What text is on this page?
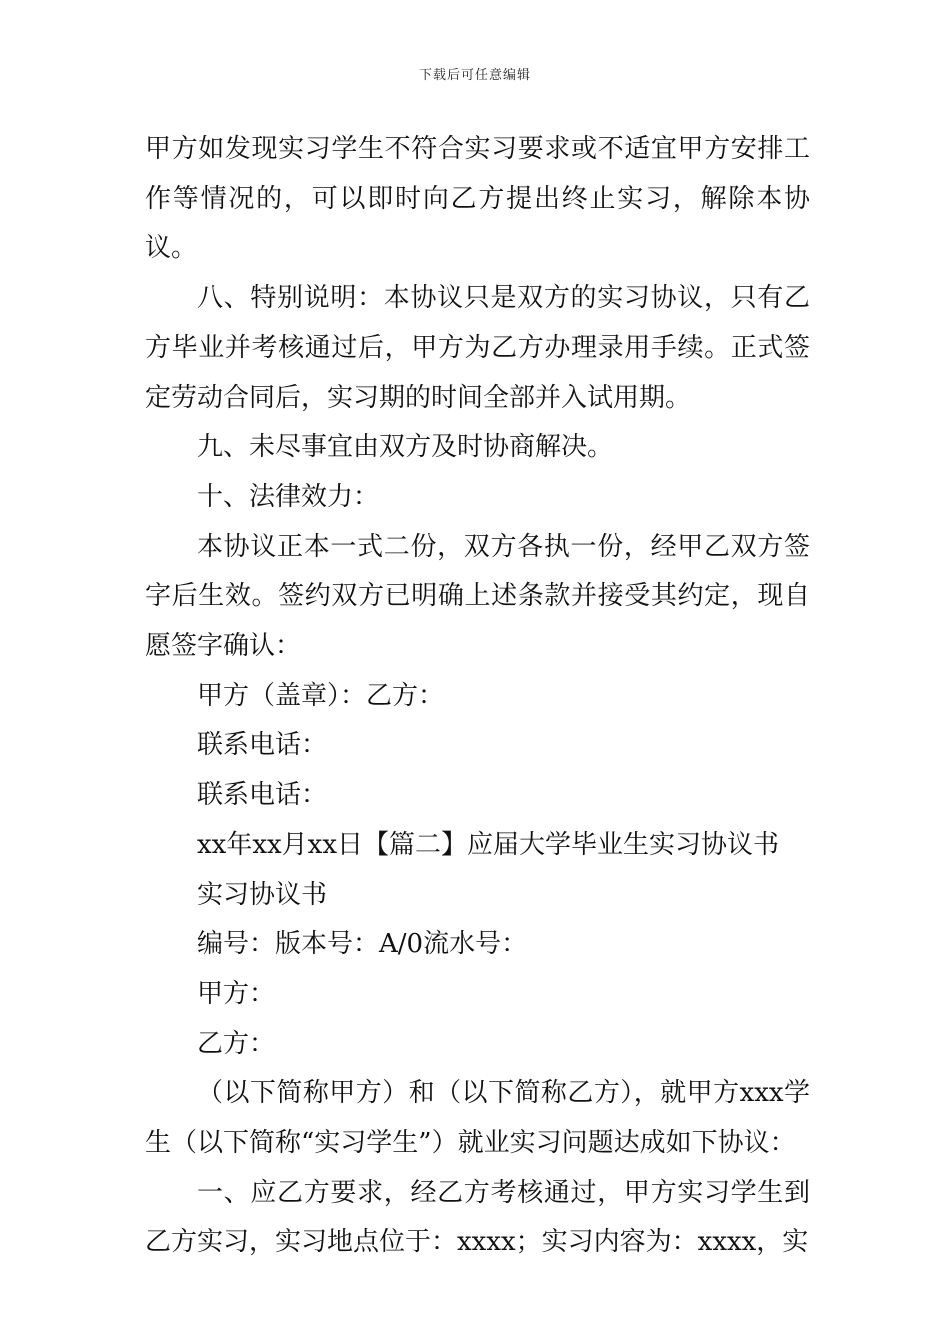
下载后可任意编辑

甲方如发现实习学生不符合实习要求或不适宜甲方安排工作等情况的，可以即时向乙方提出终止实习，解除本协议。

八、特别说明：本协议只是双方的实习协议，只有乙方毕业并考核通过后，甲方为乙方办理录用手续。正式签定劳动合同后，实习期的时间全部并入试用期。

九、未尽事宜由双方及时协商解决。

十、法律效力：

本协议正本一式二份，双方各执一份，经甲乙双方签字后生效。签约双方已明确上述条款并接受其约定，现自愿签字确认：

甲方（盖章）：乙方：

联系电话：

联系电话：

xx年xx月xx日【篇二】应届大学毕业生实习协议书

实习协议书

编号：版本号：A/0流水号：

甲方：

乙方：

（以下简称甲方）和（以下简称乙方），就甲方xxx学生（以下简称“实习学生”）就业实习问题达成如下协议：

一、应乙方要求，经乙方考核通过，甲方实习学生到乙方实习，实习地点位于：xxxx；实习内容为：xxxx，实
